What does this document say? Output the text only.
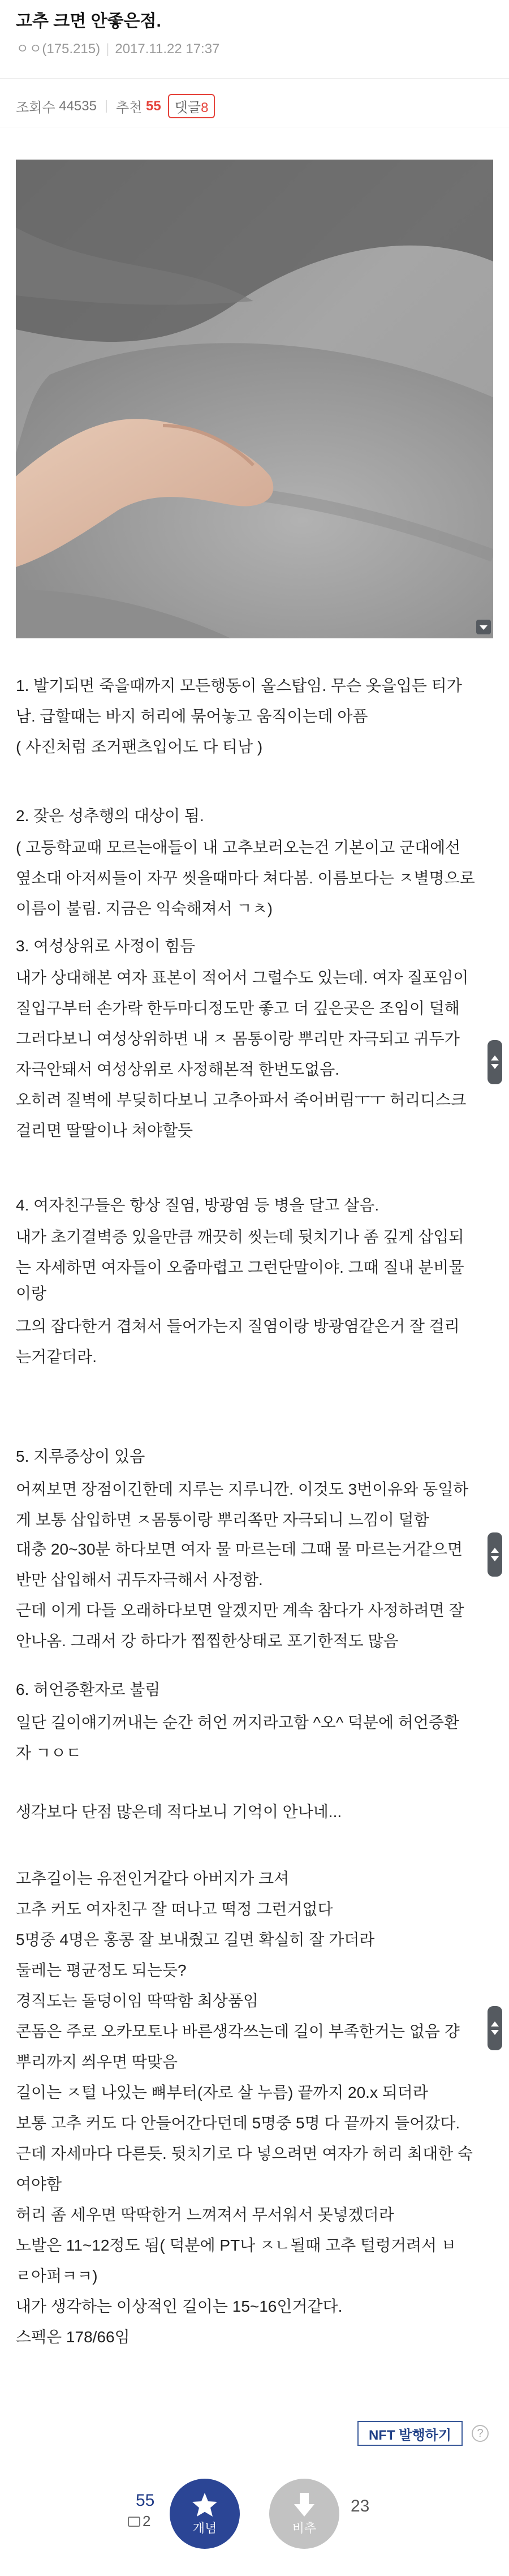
고추 크면 안좋은점.
ㅇㅇ(175.215) | 2017.11.22 17:37
조회수
44535 추천
55	댓글8
1. 발기되면 죽을때까지 모든행동이 올스탑임. 무슨 옷을입든 티가
남. 급할때는 바지 허리에 묶어놓고 움직이는데 아픔
( 사진처럼 조거팬츠입어도 다 티남 )
2. 잦은 성추행의 대상이 됨.
( 고등학교때 모르는애들이 내 고추보러오는건 기본이고 군대에선
옆소대 아저씨들이 자꾸 씻을때마다 쳐다봄. 이름보다는 ㅈ별명으로
이름이 불림. 지금은 익숙해져서 ㄱㅊ)
3. 여성상위로 사정이 힘듬
내가 상대해본 여자 표본이 적어서 그럴수도 있는데. 여자 질포임이
질입구부터 손가락 한두마디정도만 좋고 더 깊은곳은 조임이 덜해
그러다보니 여성상위하면 내 ㅈ 몸통이랑 뿌리만 자극되고 귀두가
자극안돼서 여성상위로 사정해본적 한번도없음.
오히려 질벽에 부딪히다보니 고추아파서 죽어버림ㅜㅜ 허리디스크
걸리면 딸딸이나 쳐야할듯
4. 여자친구들은 항상 질염, 방광염 등 병을 달고 살음.
내가 초기결벽증 있을만큼 깨끗히 씻는데 뒷치기나 좀 깊게 삽입되
는 자세하면 여자들이 오줌마렵고 그런단말이야. 그때 질내 분비물
이랑
그의 잡다한거 겹쳐서 들어가는지 질염이랑 방광염같은거 잘 걸리
는거같더라.
5. 지루증상이 있음
어찌보면 장점이긴한데 지루는 지루니깐. 이것도 3번이유와 동일하
게 보통 삽입하면 ㅈ몸통이랑 뿌리쪽만 자극되니 느낌이 덜함
대충 20~30분 하다보면 여자 물 마르는데 그때 물 마르는거같으면
반만 삽입해서 귀두자극해서 사정함.
근데 이게 다들 오래하다보면 알겠지만 계속 참다가 사정하려면 잘
안나옴. 그래서 강 하다가 찝찝한상태로 포기한적도 많음
6. 허언증환자로 불림
일단 길이얘기꺼내는 순간 허언 꺼지라고함 ^오^ 덕분에 허언증환
자 ㄱㅇㄷ
생각보다 단점 많은데 적다보니 기억이 안나네...
고추길이는 유전인거같다 아버지가 크셔
고추 커도 여자친구 잘 떠나고 떡정 그런거없다
5명중 4명은 홍콩 잘 보내줬고 길면 확실히 잘 가더라
둘레는 평균정도 되는듯?
경직도는 돌덩이임 딱딱함 최상품임
콘돔은 주로 오카모토나 바른생각쓰는데 길이 부족한거는 없음 걍
뿌리까지 씌우면 딱맞음
길이는 ㅈ털 나있는 뼈부터(자로 살 누름) 끝까지 20.x 되더라
보통 고추 커도 다 안들어간다던데 5명중 5명 다 끝까지 들어갔다.
근데 자세마다 다른듯. 뒷치기로 다 넣으려면 여자가 허리 최대한 숙
여야함
허리 좀 세우면 딱딱한거 느껴져서 무서워서 못넣겠더라
노발은 11~12정도 됨( 덕분에 PT나 ㅈㄴ될때 고추 털렁거려서 ㅂ
ㄹ아퍼ㅋㅋ)
내가 생각하는 이상적인 길이는 15~16인거같다.
스펙은 178/66임
NFT 발행하기	?
55
2	개념	비추
23
